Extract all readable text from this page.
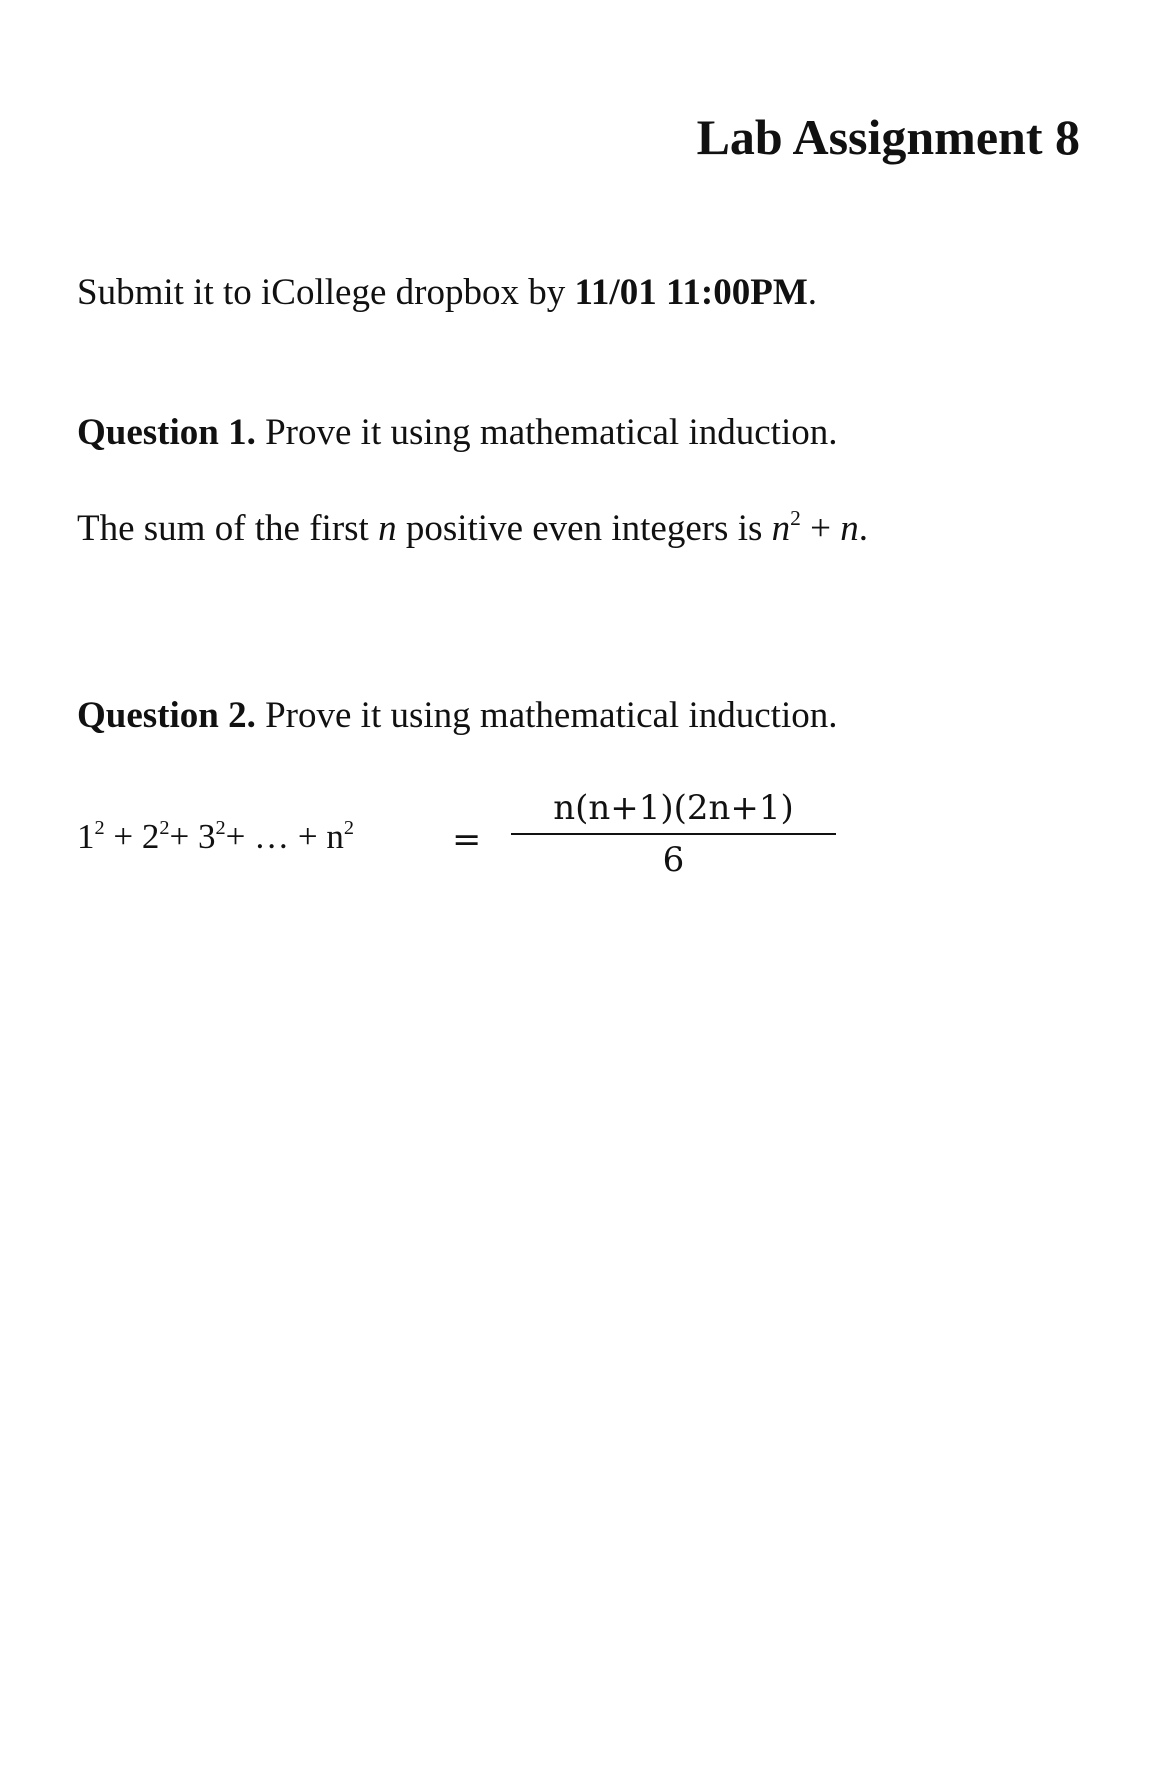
Lab Assignment 8
Submit it to iCollege dropbox by 11/01 11:00PM.
Question 1. Prove it using mathematical induction.
The sum of the first n positive even integers is $n^2 + n$.
Question 2. Prove it using mathematical induction.
$1^2 + 2^2+ 3^2+$ … + $n^2$	=
n(n+1)(2n+1)
6
